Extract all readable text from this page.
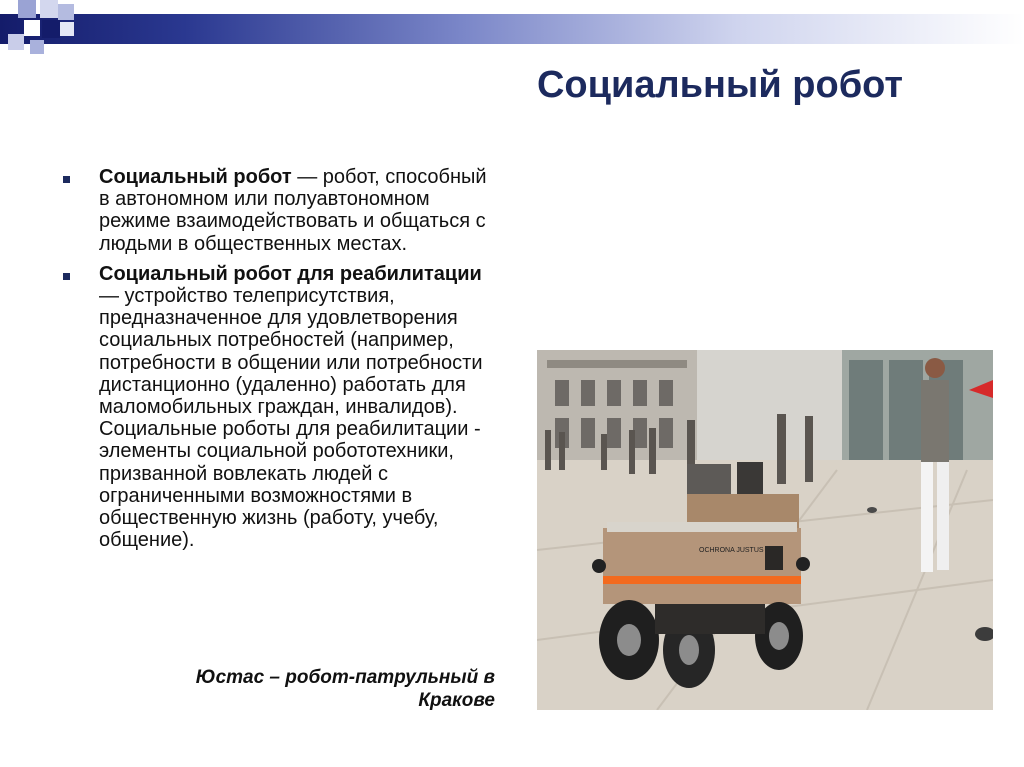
Социальный робот
Социальный робот — робот, способный в автономном или полуавтономном режиме взаимодействовать и общаться с людьми в общественных местах.
Социальный робот для реабилитации — устройство телеприсутствия, предназначенное для удовлетворения социальных потребностей (например, потребности в общении или потребности дистанционно (удаленно) работать для маломобильных граждан, инвалидов). Социальные роботы для реабилитации - элементы социальной робототехники, призванной вовлекать людей с ограниченными возможностями в общественную жизнь (работу, учебу, общение).
Юстас – робот-патрульный в Кракове
OCHRONA JUSTUS
